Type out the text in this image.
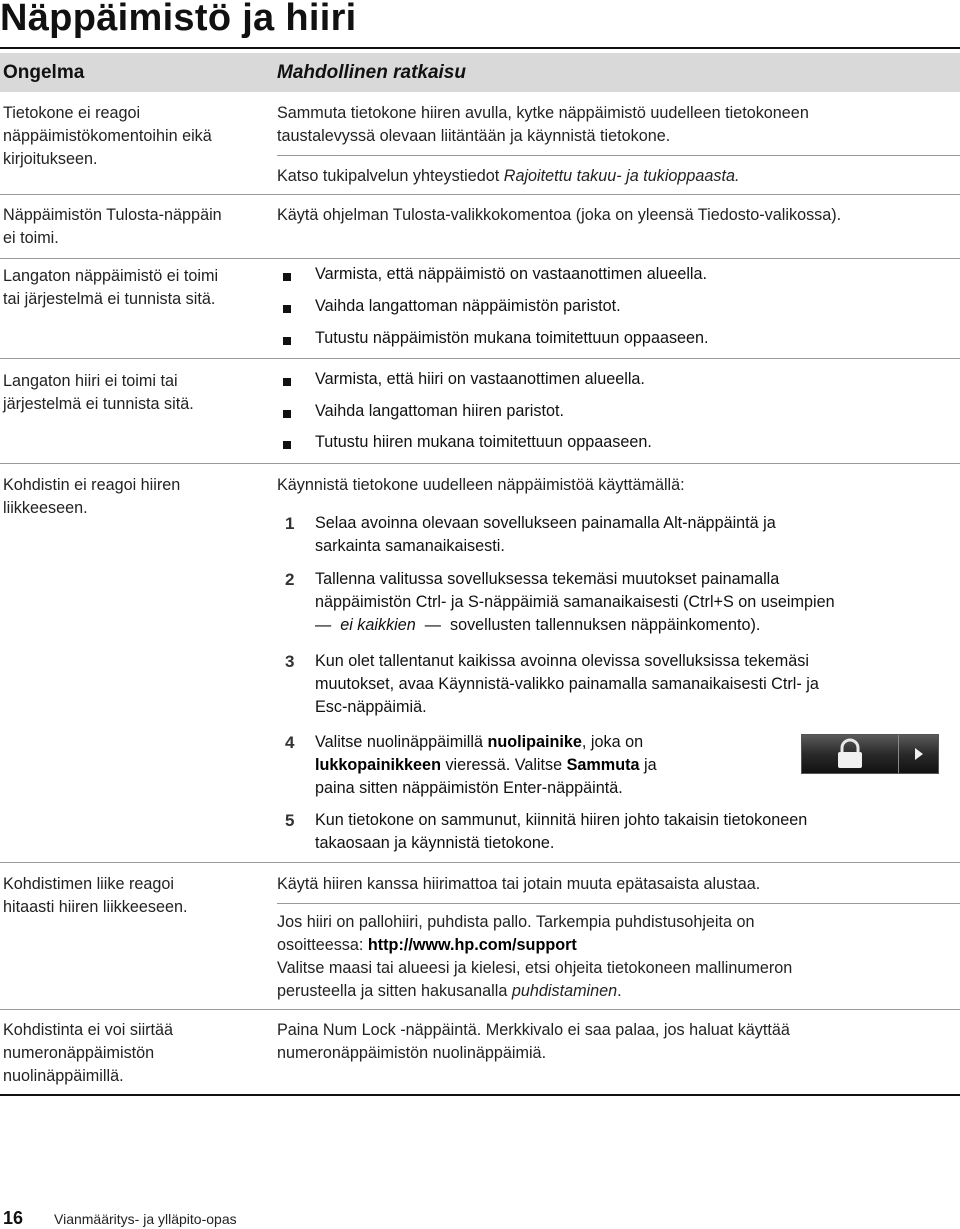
Näppäimistö ja hiiri
Ongelma	Mahdollinen ratkaisu
Tietokone ei reagoi
näppäimistökomentoihin eikä
kirjoitukseen.
Sammuta tietokone hiiren avulla, kytke näppäimistö uudelleen tietokoneen
taustalevyssä olevaan liitäntään ja käynnistä tietokone.
Katso tukipalvelun yhteystiedot Rajoitettu takuu- ja tukioppaasta.
Näppäimistön Tulosta-näppäin
ei toimi.
Käytä ohjelman Tulosta-valikkokomentoa (joka on yleensä Tiedosto-valikossa).
Langaton näppäimistö ei toimi
tai järjestelmä ei tunnista sitä.
Varmista, että näppäimistö on vastaanottimen alueella.
Vaihda langattoman näppäimistön paristot.
Tutustu näppäimistön mukana toimitettuun oppaaseen.
Langaton hiiri ei toimi tai
järjestelmä ei tunnista sitä.
Varmista, että hiiri on vastaanottimen alueella.
Vaihda langattoman hiiren paristot.
Tutustu hiiren mukana toimitettuun oppaaseen.
Kohdistin ei reagoi hiiren
liikkeeseen.
Käynnistä tietokone uudelleen näppäimistöä käyttämällä:
1 Selaa avoinna olevaan sovellukseen painamalla Alt-näppäintä ja
sarkainta samanaikaisesti.
2 Tallenna valitussa sovelluksessa tekemäsi muutokset painamalla
näppäimistön Ctrl- ja S-näppäimiä samanaikaisesti (Ctrl+S on useimpien
— ei kaikkien — sovellusten tallennuksen näppäinkomento).
3 Kun olet tallentanut kaikissa avoinna olevissa sovelluksissa tekemäsi
muutokset, avaa Käynnistä-valikko painamalla samanaikaisesti Ctrl- ja
Esc-näppäimiä.
4 Valitse nuolinäppäimillä nuolipainike, joka on
lukkopainikkeen vieressä. Valitse Sammuta ja
paina sitten näppäimistön Enter-näppäintä.
5 Kun tietokone on sammunut, kiinnitä hiiren johto takaisin tietokoneen
takaosaan ja käynnistä tietokone.
Kohdistimen liike reagoi
hitaasti hiiren liikkeeseen.
Käytä hiiren kanssa hiirimattoa tai jotain muuta epätasaista alustaa.
Jos hiiri on pallohiiri, puhdista pallo. Tarkempia puhdistusohjeita on
osoitteessa: http://www.hp.com/support
Valitse maasi tai alueesi ja kielesi, etsi ohjeita tietokoneen mallinumeron
perusteella ja sitten hakusanalla puhdistaminen.
Kohdistinta ei voi siirtää
numeronäppäimistön
nuolinäppäimillä.
Paina Num Lock -näppäintä. Merkkivalo ei saa palaa, jos haluat käyttää
numeronäppäimistön nuolinäppäimiä.
16 Vianmääritys- ja ylläpito-opas
